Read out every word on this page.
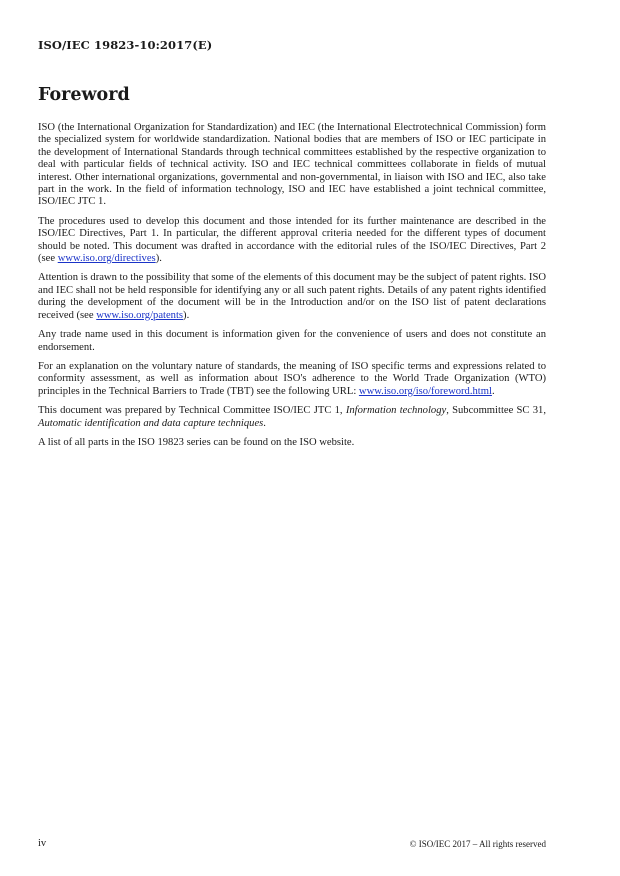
ISO/IEC 19823-10:2017(E)
Foreword

ISO (the International Organization for Standardization) and IEC (the International Electrotechnical Commission) form the specialized system for worldwide standardization. National bodies that are members of ISO or IEC participate in the development of International Standards through technical committees established by the respective organization to deal with particular fields of technical activity. ISO and IEC technical committees collaborate in fields of mutual interest. Other international organizations, governmental and non-governmental, in liaison with ISO and IEC, also take part in the work. In the field of information technology, ISO and IEC have established a joint technical committee, ISO/IEC JTC 1.

The procedures used to develop this document and those intended for its further maintenance are described in the ISO/IEC Directives, Part 1. In particular, the different approval criteria needed for the different types of document should be noted. This document was drafted in accordance with the editorial rules of the ISO/IEC Directives, Part 2 (see www.iso.org/directives).

Attention is drawn to the possibility that some of the elements of this document may be the subject of patent rights. ISO and IEC shall not be held responsible for identifying any or all such patent rights. Details of any patent rights identified during the development of the document will be in the Introduction and/or on the ISO list of patent declarations received (see www.iso.org/patents).

Any trade name used in this document is information given for the convenience of users and does not constitute an endorsement.

For an explanation on the voluntary nature of standards, the meaning of ISO specific terms and expressions related to conformity assessment, as well as information about ISO's adherence to the World Trade Organization (WTO) principles in the Technical Barriers to Trade (TBT) see the following URL: www.iso.org/iso/foreword.html.

This document was prepared by Technical Committee ISO/IEC JTC 1, Information technology, Subcommittee SC 31, Automatic identification and data capture techniques.

A list of all parts in the ISO 19823 series can be found on the ISO website.

iv	© ISO/IEC 2017 – All rights reserved
